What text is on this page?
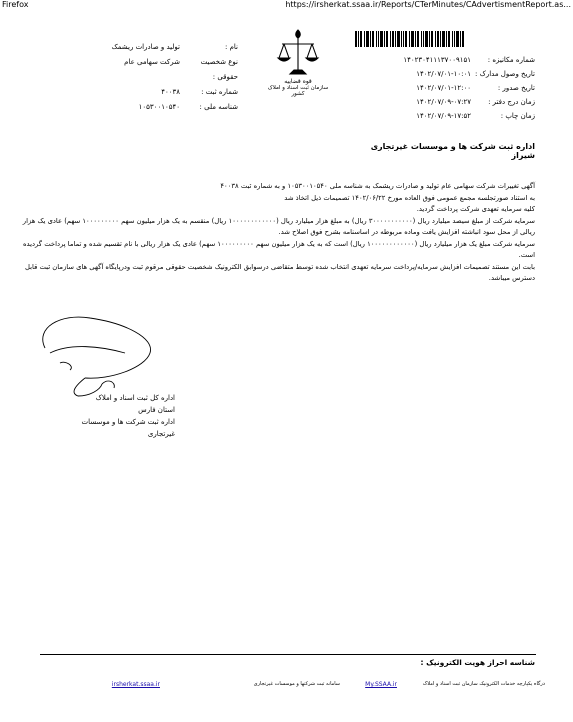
Firefox	https://irsherkat.ssaa.ir/Reports/CTerMinutes/CAdvertismentReport.as...
شماره مکانیزه :
۱۴۰۲۳۰۴۱۱۱۳۷۰۰۹۱۵۱
تاریخ وصول مدارک :
۱۴۰۲/۰۷/۰۱-۱۰:۰۱
تاریخ صدور :
۱۴۰۲/۰۷/۰۱-۱۲:۰۰
زمان درج دفتر :
۱۴۰۲/۰۷/۰۹-۰۷:۲۷
زمان چاپ :
۱۴۰۲/۰۷/۰۹-۱۷:۵۲
قوه قضاییه
سازمان ثبت اسناد و املاک کشور
نام :
تولید و صادرات ریشمک
نوع شخصیت حقوقی :
شرکت سهامی عام
شماره ثبت :
۴۰۰۳۸
شناسه ملی :
۱۰۵۳۰۰۱۰۵۴۰
اداره ثبت شرکت ها و موسسات غیرتجاری شیراز

آگهی تغییرات شرکت سهامی عام تولید و صادرات ریشمک به شناسه ملی ۱۰۵۳۰۰۱۰۵۴۰ و به شماره ثبت ۴۰۰۳۸

به استناد صورتجلسه مجمع عمومی فوق العاده مورخ ۱۴۰۲/۰۶/۲۲ تصمیمات ذیل اتخاذ شد

کلیه سرمایه تعهدی شرکت پرداخت گردید.

سرمایه شرکت از مبلغ سیصد میلیارد ریال (۳۰۰۰۰۰۰۰۰۰۰۰ ریال) به مبلغ هزار میلیارد ریال (۱۰۰۰۰۰۰۰۰۰۰۰۰ ریال) منقسم به یک هزار میلیون سهم ۱۰۰۰۰۰۰۰۰۰ سهم) عادی یک هزار ریالی از محل سود انباشته افزایش یافت وماده مربوطه در اساسنامه بشرح فوق اصلاح شد.

سرمایه شرکت مبلغ یک هزار میلیارد ریال (۱۰۰۰۰۰۰۰۰۰۰۰۰ ریال) است که به یک هزار میلیون سهم ۱۰۰۰۰۰۰۰۰۰ سهم) عادی یک هزار ریالی با نام تقسیم شده و تماما پرداخت گردیده است.

بابت این مستند تصمیمات افزایش سرمایه/پرداخت سرمایه تعهدی انتخاب شده توسط متقاضی درسوابق الکترونیک شخصیت حقوقی مرقوم ثبت ودرپایگاه آگهی های سازمان ثبت قابل دسترس میباشد.

اداره کل ثبت اسناد و املاک استان فارس
اداره ثبت شرکت ها و موسسات غیرتجاری
شناسه احراز هویت الکترونیک :
درگاه یکپارچه خدمات الکترونیک سازمان ثبت اسناد و املاک
My.SSAA.ir
سامانه ثبت شرکتها و موسسات غیرتجاری
irsherkat.ssaa.ir
